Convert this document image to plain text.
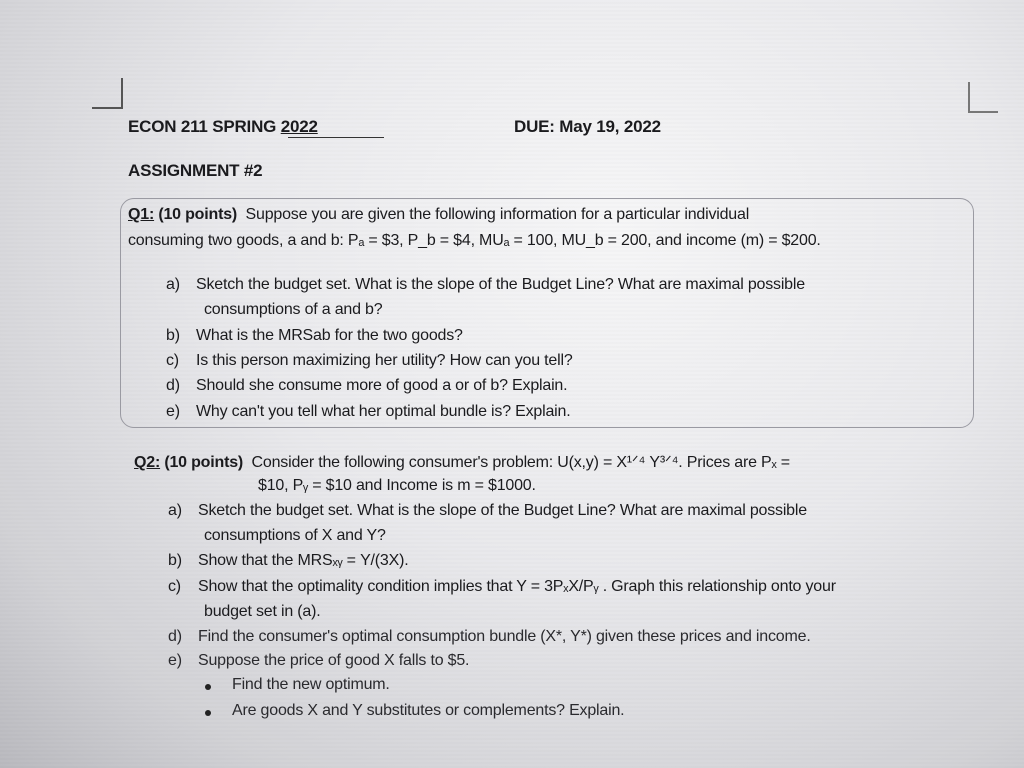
ECON 211 SPRING 2022	DUE: May 19, 2022
ASSIGNMENT #2
Q1: (10 points) Suppose you are given the following information for a particular individual
consuming two goods, a and b: Pₐ = $3, P_b = $4, MUₐ = 100, MU_b = 200, and income (m) = $200.
a) Sketch the budget set. What is the slope of the Budget Line? What are maximal possible
consumptions of a and b?
b) What is the MRSab for the two goods?
c) Is this person maximizing her utility? How can you tell?
d) Should she consume more of good a or of b? Explain.
e) Why can't you tell what her optimal bundle is? Explain.
Q2: (10 points) Consider the following consumer's problem: U(x,y) = X¹ᐟ⁴ Y³ᐟ⁴. Prices are Pₓ =
$10, Pᵧ = $10 and Income is m = $1000.
a) Sketch the budget set. What is the slope of the Budget Line? What are maximal possible
consumptions of X and Y?
b) Show that the MRSₓᵧ = Y/(3X).
c) Show that the optimality condition implies that Y = 3PₓX/Pᵧ . Graph this relationship onto your
budget set in (a).
d) Find the consumer's optimal consumption bundle (X*, Y*) given these prices and income.
e) Suppose the price of good X falls to $5.
Find the new optimum.
Are goods X and Y substitutes or complements? Explain.
